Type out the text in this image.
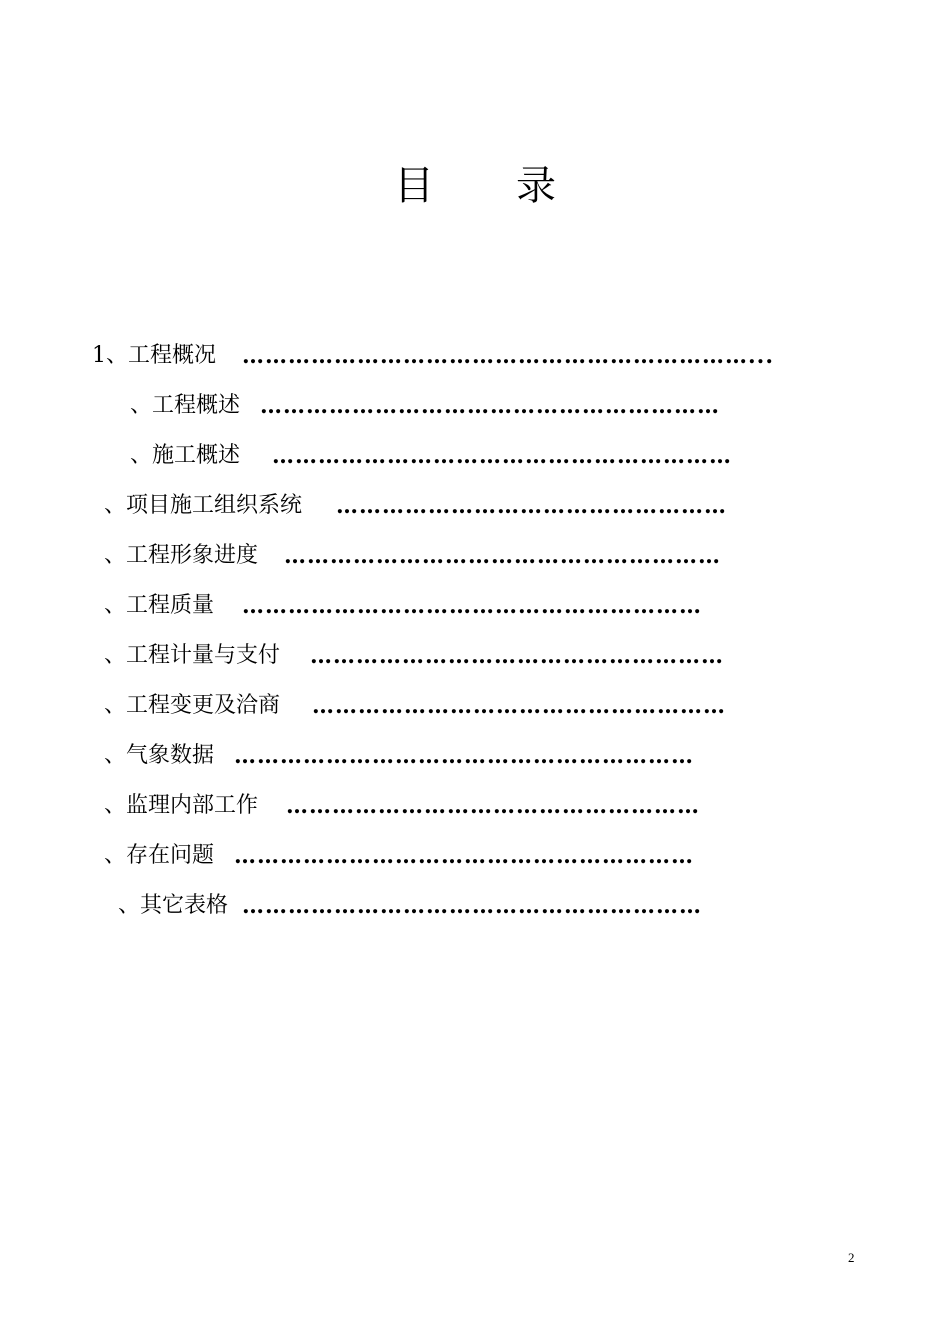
目 录
1、工程概况 …………………………………………………………...
、工程概述 ……………………………………………………
、施工概述 ……………………………………………………
、项目施工组织系统 ……………………………………………
、工程形象进度 …………………………………………………
、工程质量 ……………………………………………………
、工程计量与支付 ………………………………………………
、工程变更及洽商 ………………………………………………
、气象数据 ……………………………………………………
、监理内部工作 ………………………………………………
、存在问题 ……………………………………………………
、其它表格 ……………………………………………………
2
